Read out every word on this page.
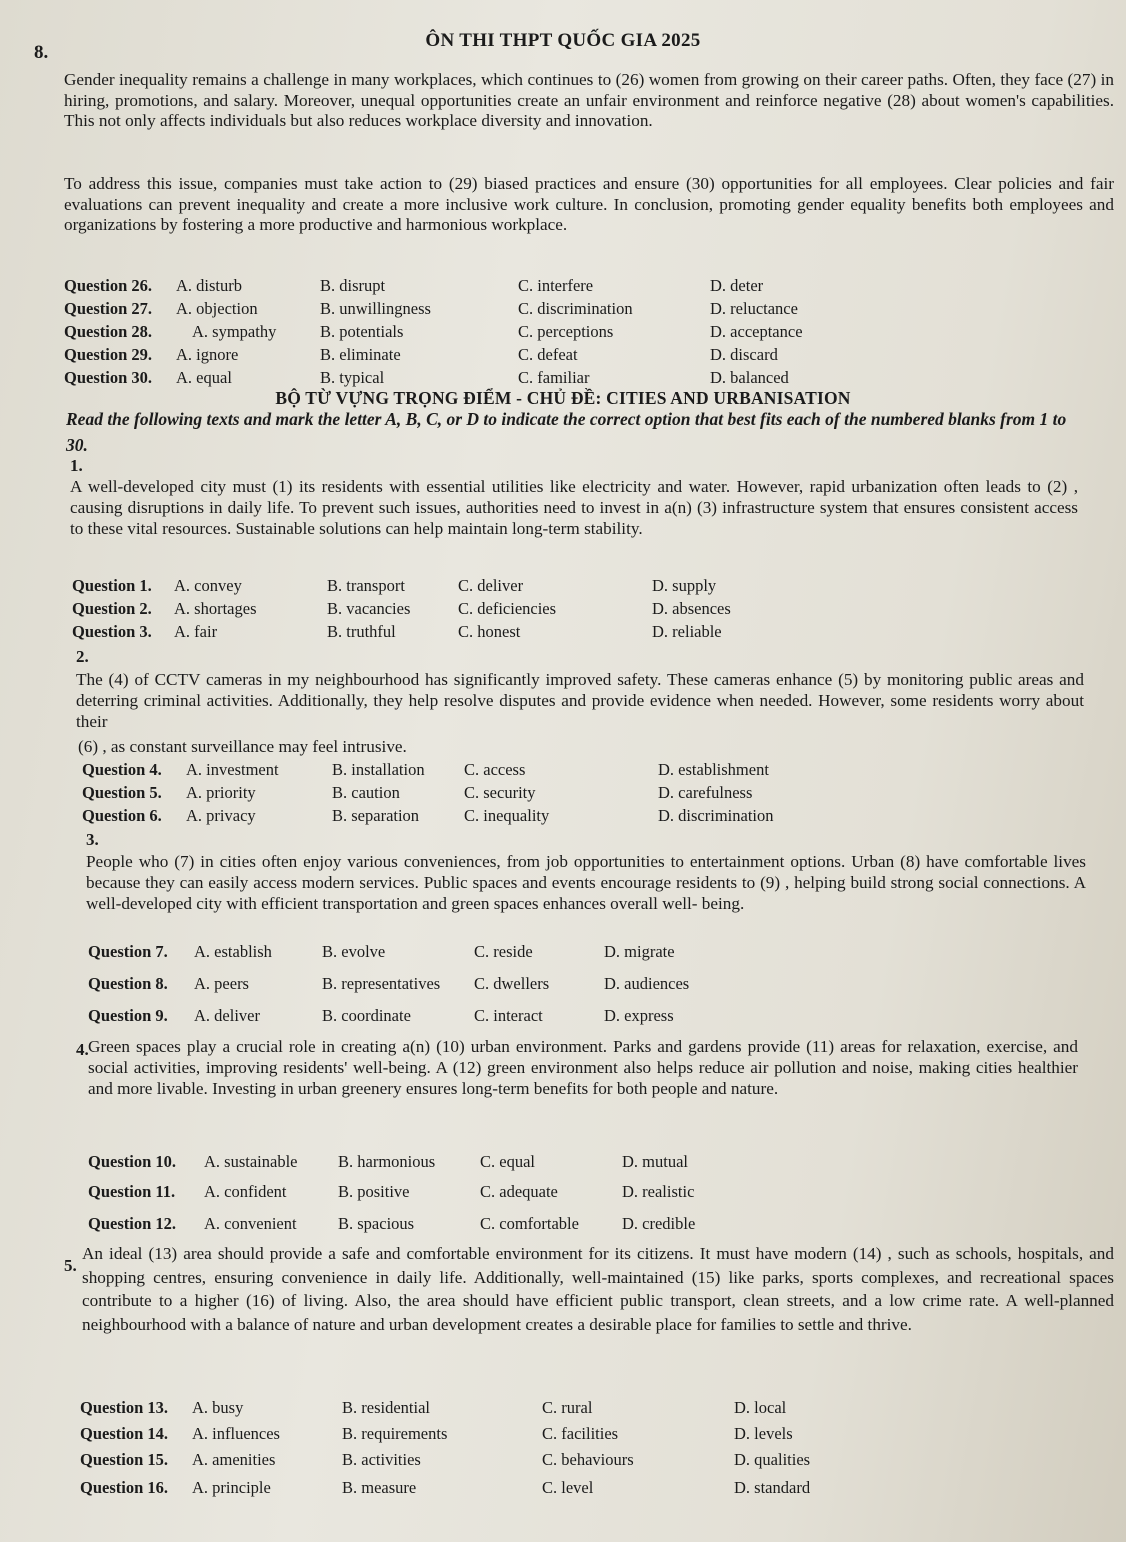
ÔN THI THPT QUỐC GIA 2025
8.
Gender inequality remains a challenge in many workplaces, which continues to (26) women from growing on their career paths. Often, they face (27) in hiring, promotions, and salary. Moreover, unequal opportunities create an unfair environment and reinforce negative (28) about women's capabilities. This not only affects individuals but also reduces workplace diversity and innovation.
To address this issue, companies must take action to (29) biased practices and ensure (30) opportunities for all employees. Clear policies and fair evaluations can prevent inequality and create a more inclusive work culture. In conclusion, promoting gender equality benefits both employees and organizations by fostering a more productive and harmonious workplace.
Question 26. A. disturb	B. disrupt	C. interfere	D. deter
Question 27. A. objection	B. unwillingness	C. discrimination	D. reluctance
Question 28. A. sympathy	B. potentials	C. perceptions	D. acceptance
Question 29. A. ignore	B. eliminate	C. defeat	D. discard
Question 30. A. equal	B. typical	C. familiar	D. balanced
BỘ TỪ VỰNG TRỌNG ĐIỂM - CHỦ ĐỀ: CITIES AND URBANISATION
Read the following texts and mark the letter A, B, C, or D to indicate the correct option that best fits each of the numbered blanks from 1 to 30.
1.
A well-developed city must (1) its residents with essential utilities like electricity and water. However, rapid urbanization often leads to (2) , causing disruptions in daily life. To prevent such issues, authorities need to invest in a(n) (3) infrastructure system that ensures consistent access to these vital resources. Sustainable solutions can help maintain long-term stability.
Question 1. A. convey	B. transport	C. deliver	D. supply
Question 2. A. shortages	B. vacancies	C. deficiencies	D. absences
Question 3. A. fair	B. truthful	C. honest	D. reliable
2.
The (4) of CCTV cameras in my neighbourhood has significantly improved safety. These cameras enhance (5) by monitoring public areas and deterring criminal activities. Additionally, they help resolve disputes and provide evidence when needed. However, some residents worry about their
(6) , as constant surveillance may feel intrusive.
Question 4. A. investment	B. installation C. access	D. establishment
Question 5. A. priority	B. caution	C. security	D. carefulness
Question 6. A. privacy	B. separation	C. inequality	D. discrimination
3.
People who (7) in cities often enjoy various conveniences, from job opportunities to entertainment options. Urban (8) have comfortable lives because they can easily access modern services. Public spaces and events encourage residents to (9) , helping build strong social connections. A well-developed city with efficient transportation and green spaces enhances overall well- being.
Question 7. A. establish	B. evolve	C. reside	D. migrate
Question 8. A. peers	B. representatives C. dwellers	D. audiences
Question 9. A. deliver	B. coordinate	C. interact	D. express
4. Green spaces play a crucial role in creating a(n) (10) urban environment. Parks and gardens provide (11) areas for relaxation, exercise, and social activities, improving residents' well-being. A (12) green environment also helps reduce air pollution and noise, making cities healthier and more livable. Investing in urban greenery ensures long-term benefits for both people and nature.
Question 10. A. sustainable B. harmonious	C. equal	D. mutual
Question 11. A. confident	B. positive	C. adequate	D. realistic
Question 12. A. convenient	B. spacious	C. comfortable	D. credible
5.
An ideal (13) area should provide a safe and comfortable environment for its citizens. It must have modern (14) , such as schools, hospitals, and shopping centres, ensuring convenience in daily life. Additionally, well-maintained (15) like parks, sports complexes, and recreational spaces contribute to a higher (16) of living. Also, the area should have efficient public transport, clean streets, and a low crime rate. A well-planned neighbourhood with a balance of nature and urban development creates a desirable place for families to settle and thrive.
Question 13. A. busy	B. residential	C. rural	D. local
Question 14. A. influences	B. requirements	C. facilities	D. levels
Question 15. A. amenities	B. activities	C. behaviours	D. qualities
Question 16. A. principle	B. measure	C. level	D. standard
